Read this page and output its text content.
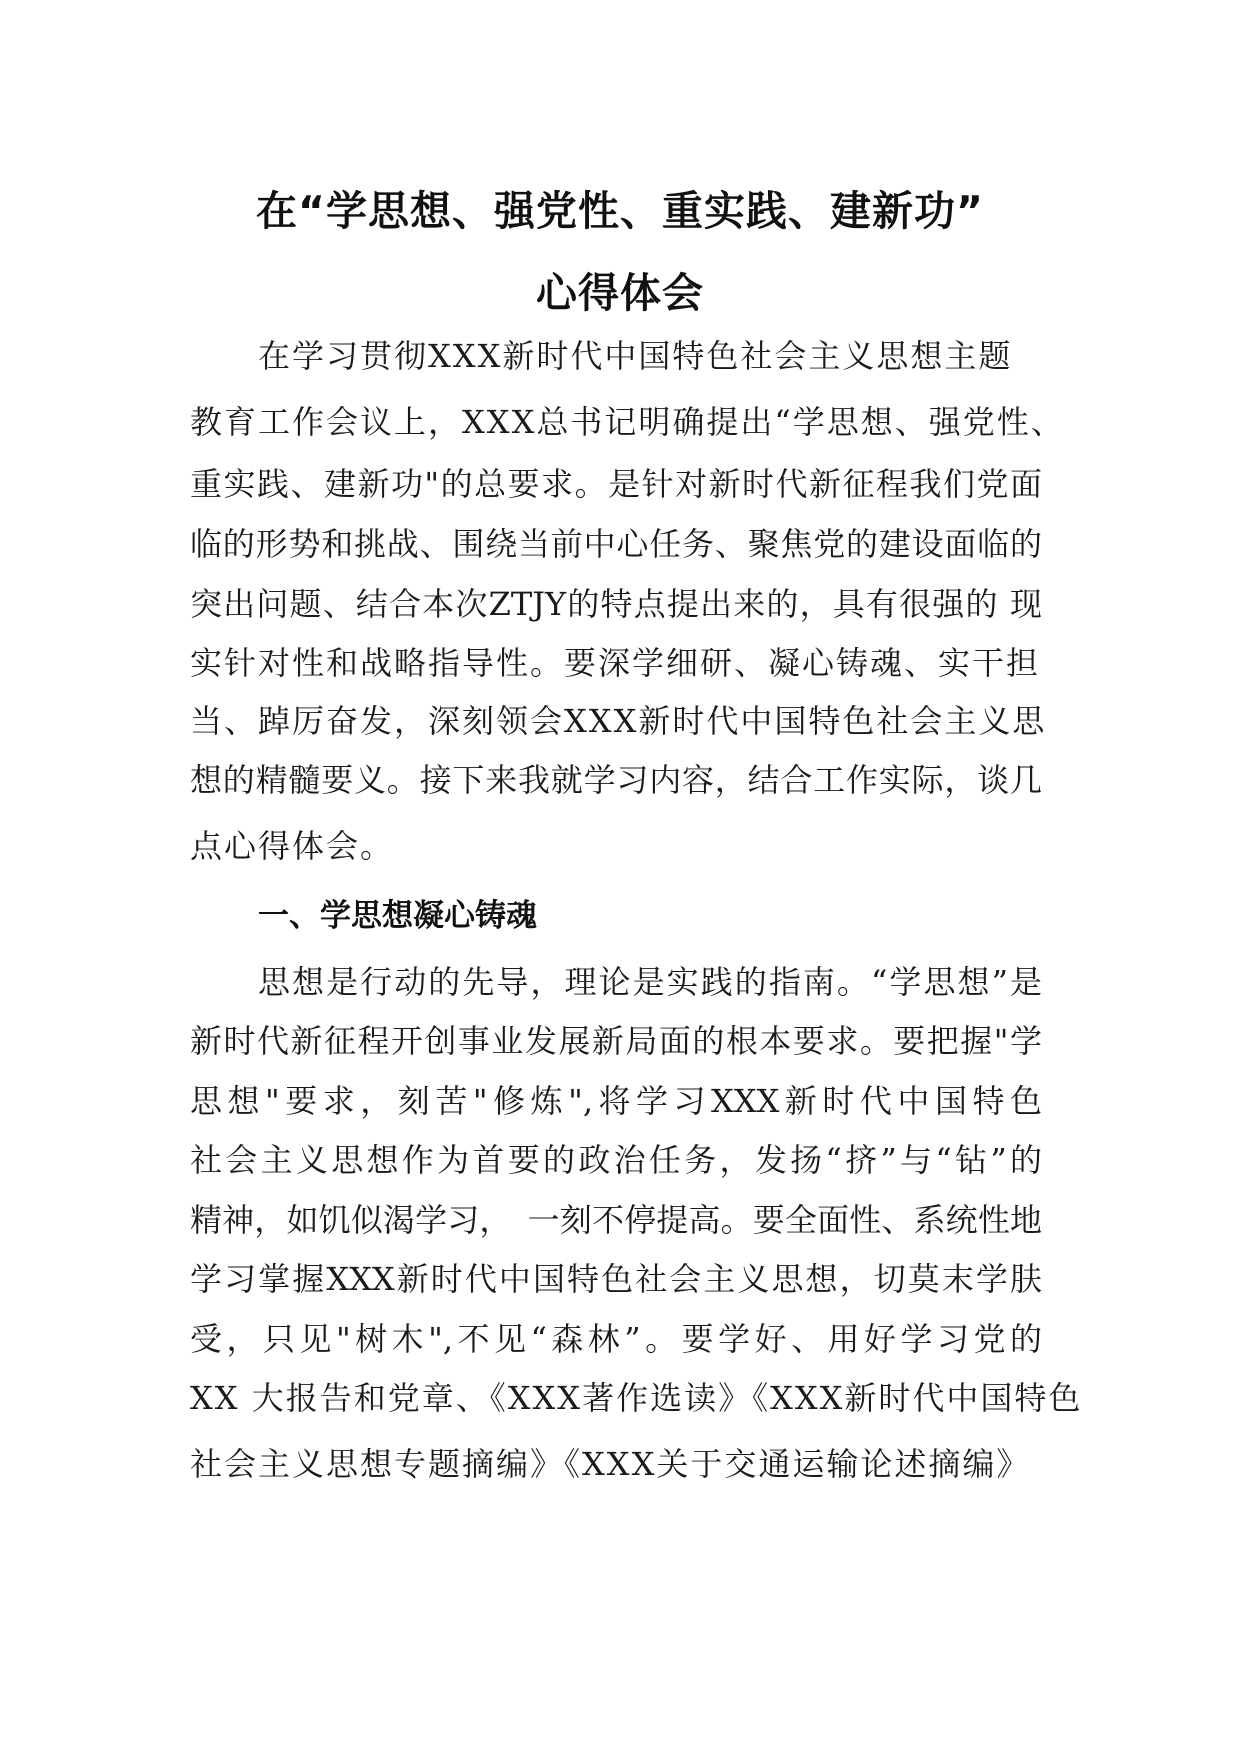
在“学思想、强党性、重实践、建新功”
心得体会
在学习贯彻XXX新时代中国特色社会主义思想主题
教育工作会议上，XXX总书记明确提出“学思想、强党性、
重实践、建新功"的总要求。是针对新时代新征程我们党面
临的形势和挑战、围绕当前中心任务、聚焦党的建设面临的
突出问题、结合本次ZTJY的特点提出来的，具有很强的 现
实针对性和战略指导性。要深学细研、凝心铸魂、实干担
当、踔厉奋发，深刻领会XXX新时代中国特色社会主义思
想的精髓要义。接下来我就学习内容，结合工作实际，谈几
点心得体会。
一、学思想凝心铸魂
思想是行动的先导，理论是实践的指南。“学思想”是
新时代新征程开创事业发展新局面的根本要求。要把握"学
思想"要求，刻苦"修炼",将学习XXX新时代中国特色
社会主义思想作为首要的政治任务，发扬“挤”与“钻”的
精神，如饥似渴学习，　一刻不停提高。要全面性、系统性地
学习掌握XXX新时代中国特色社会主义思想，切莫末学肤
受，只见"树木",不见“森林”。要学好、用好学习党的
XX 大报告和党章、《XXX著作选读》《XXX新时代中国特色
社会主义思想专题摘编》《XXX关于交通运输论述摘编》
